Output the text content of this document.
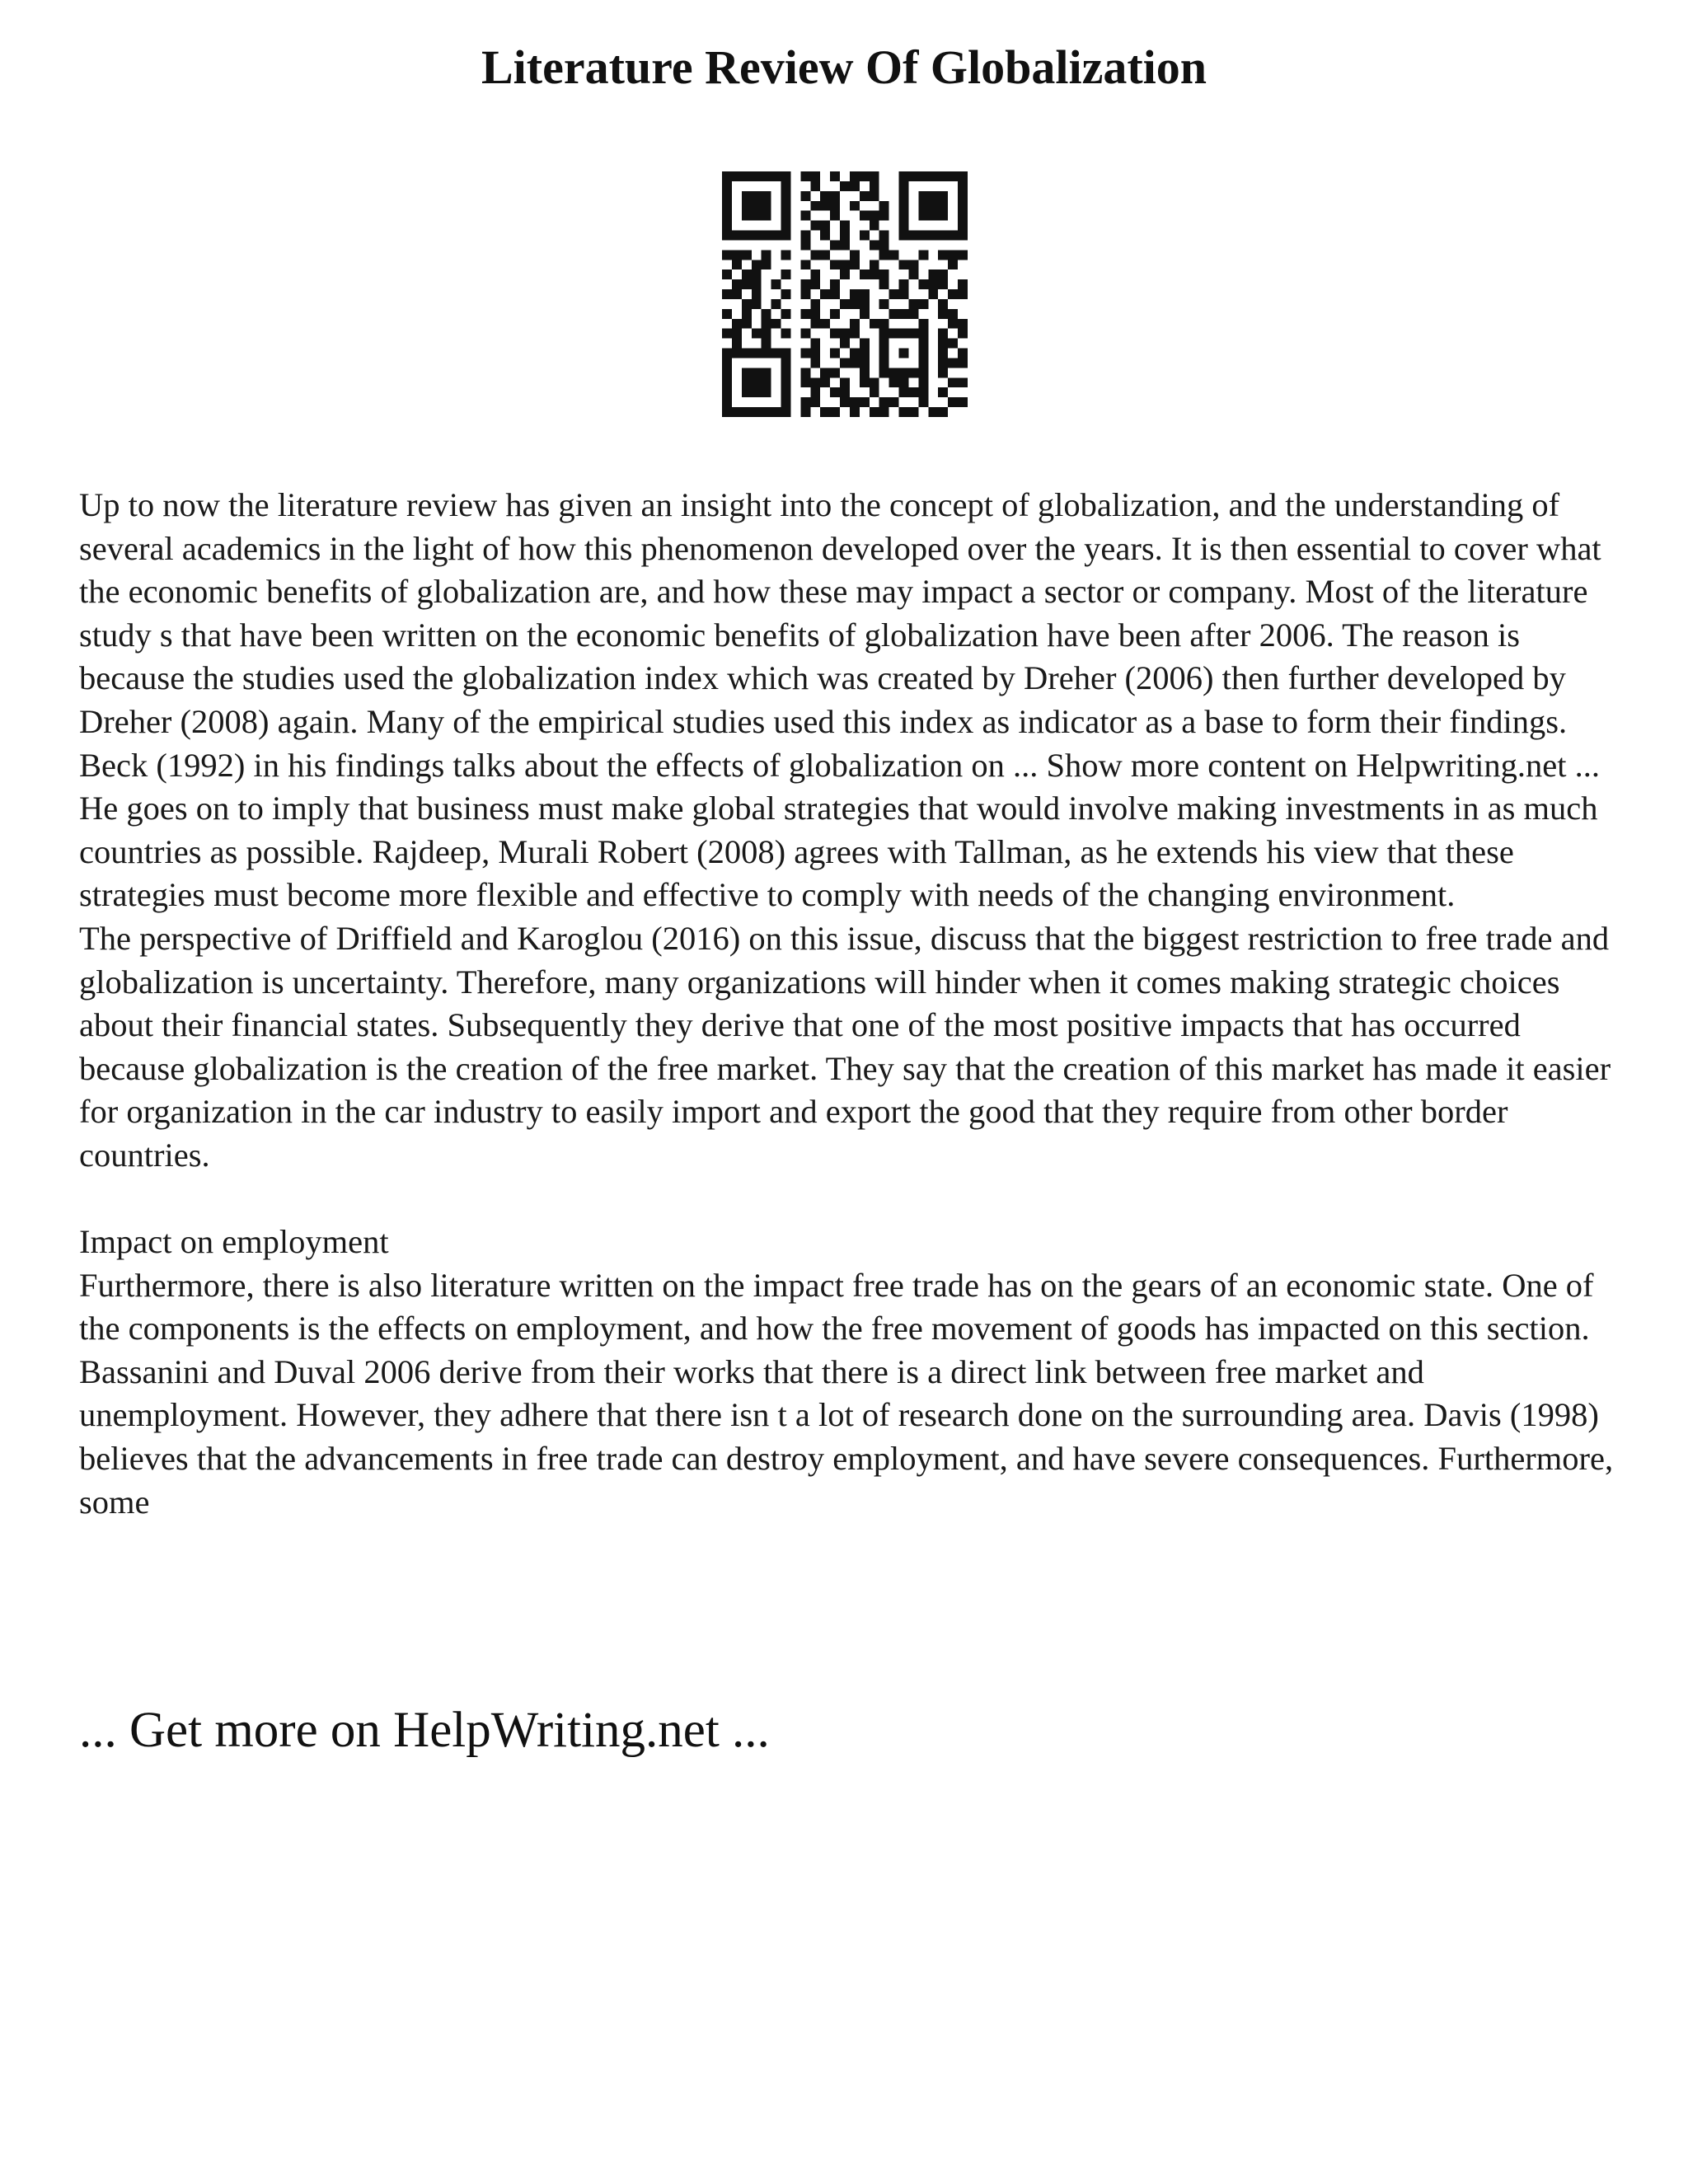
Literature Review Of Globalization

Up to now the literature review has given an insight into the concept of globalization, and the understanding of several academics in the light of how this phenomenon developed over the years. It is then essential to cover what the economic benefits of globalization are, and how these may impact a sector or company. Most of the literature study s that have been written on the economic benefits of globalization have been after 2006. The reason is because the studies used the globalization index which was created by Dreher (2006) then further developed by Dreher (2008) again. Many of the empirical studies used this index as indicator as a base to form their findings.

Beck (1992) in his findings talks about the effects of globalization on ... Show more content on Helpwriting.net ...

He goes on to imply that business must make global strategies that would involve making investments in as much countries as possible. Rajdeep, Murali Robert (2008) agrees with Tallman, as he extends his view that these strategies must become more flexible and effective to comply with needs of the changing environment.

The perspective of Driffield and Karoglou (2016) on this issue, discuss that the biggest restriction to free trade and globalization is uncertainty. Therefore, many organizations will hinder when it comes making strategic choices about their financial states. Subsequently they derive that one of the most positive impacts that has occurred because globalization is the creation of the free market. They say that the creation of this market has made it easier for organization in the car industry to easily import and export the good that they require from other border countries.

Impact on employment

Furthermore, there is also literature written on the impact free trade has on the gears of an economic state. One of the components is the effects on employment, and how the free movement of goods has impacted on this section. Bassanini and Duval 2006 derive from their works that there is a direct link between free market and unemployment. However, they adhere that there isn t a lot of research done on the surrounding area. Davis (1998) believes that the advancements in free trade can destroy employment, and have severe consequences. Furthermore, some

... Get more on HelpWriting.net ...
